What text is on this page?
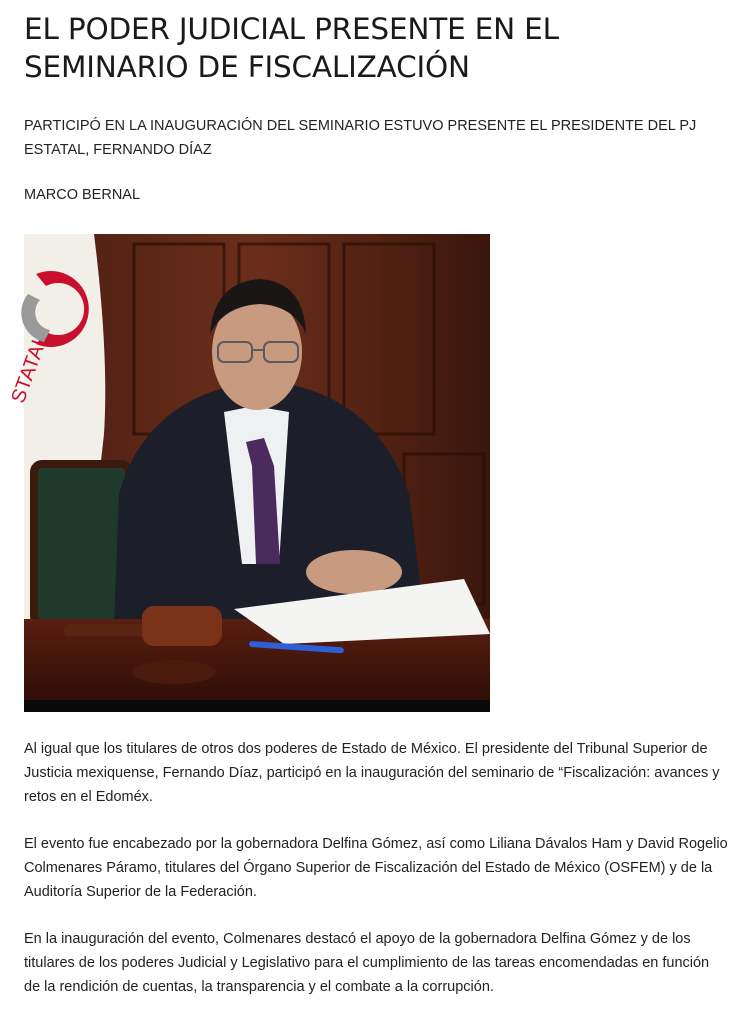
EL PODER JUDICIAL PRESENTE EN EL SEMINARIO DE FISCALIZACIÓN
PARTICIPÓ EN LA INAUGURACIÓN DEL SEMINARIO ESTUVO PRESENTE EL PRESIDENTE DEL PJ ESTATAL, FERNANDO DÍAZ
MARCO BERNAL
STATAL

Al igual que los titulares de otros dos poderes de Estado de México. El presidente del Tribunal Superior de Justicia mexiquense, Fernando Díaz, participó en la inauguración del seminario de “Fiscalización: avances y retos en el Edoméx.

El evento fue encabezado por la gobernadora Delfina Gómez, así como Liliana Dávalos Ham y David Rogelio Colmenares Páramo, titulares del Órgano Superior de Fiscalización del Estado de México (OSFEM) y de la Auditoría Superior de la Federación.

En la inauguración del evento, Colmenares destacó el apoyo de la gobernadora Delfina Gómez y de los titulares de los poderes Judicial y Legislativo para el cumplimiento de las tareas encomendadas en función de la rendición de cuentas, la transparencia y el combate a la corrupción.
